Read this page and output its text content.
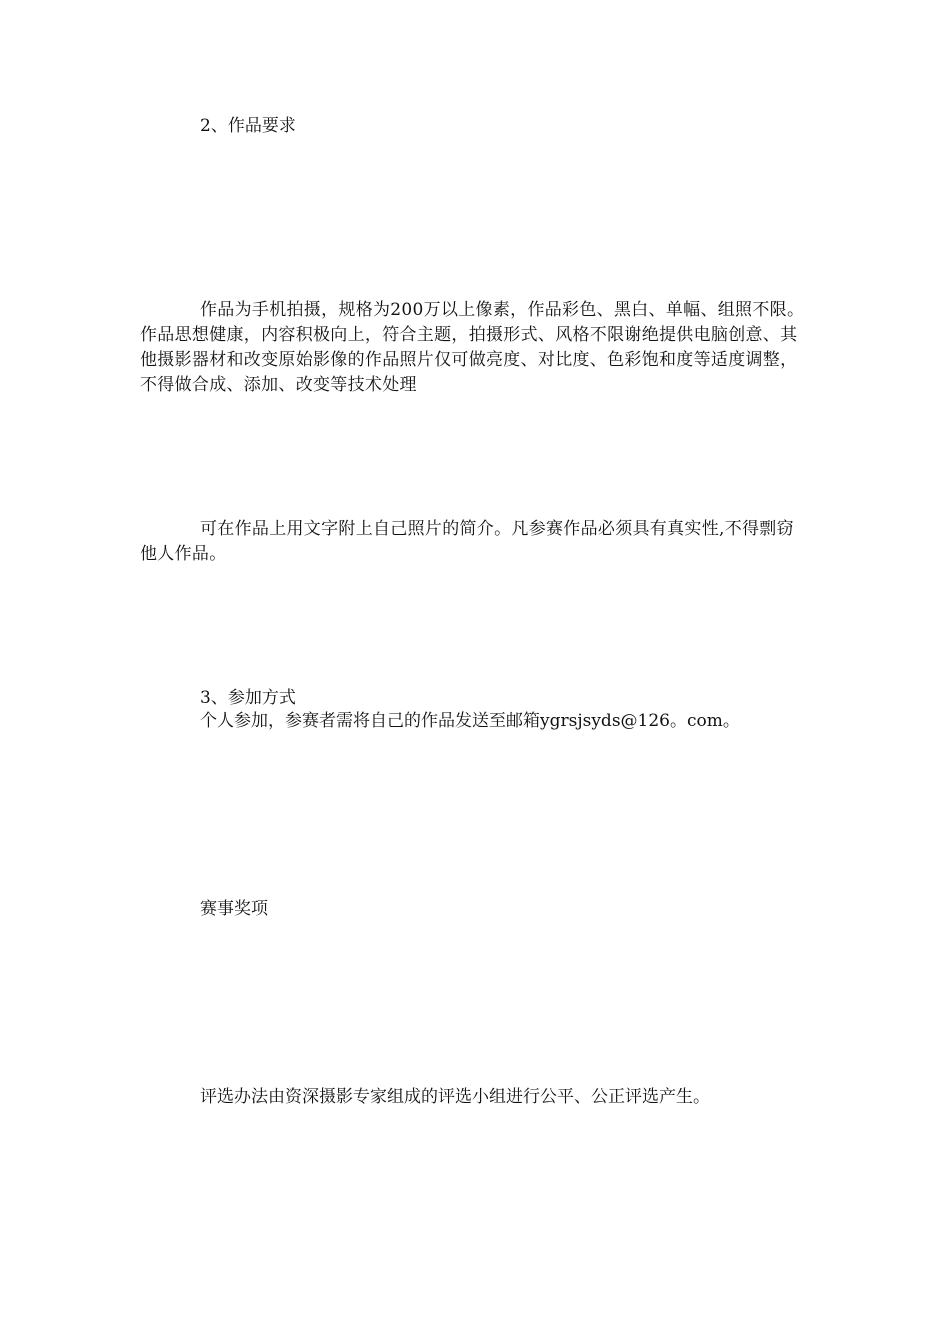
2、作品要求
作品为手机拍摄，规格为200万以上像素，作品彩色、黑白、单幅、组照不限。作品思想健康，内容积极向上，符合主题，拍摄形式、风格不限谢绝提供电脑创意、其他摄影器材和改变原始影像的作品照片仅可做亮度、对比度、色彩饱和度等适度调整，不得做合成、添加、改变等技术处理
可在作品上用文字附上自己照片的简介。凡参赛作品必须具有真实性,不得剽窃他人作品。
3、参加方式
个人参加，参赛者需将自己的作品发送至邮箱ygrsjsyds@126。com。
赛事奖项
评选办法由资深摄影专家组成的评选小组进行公平、公正评选产生。
